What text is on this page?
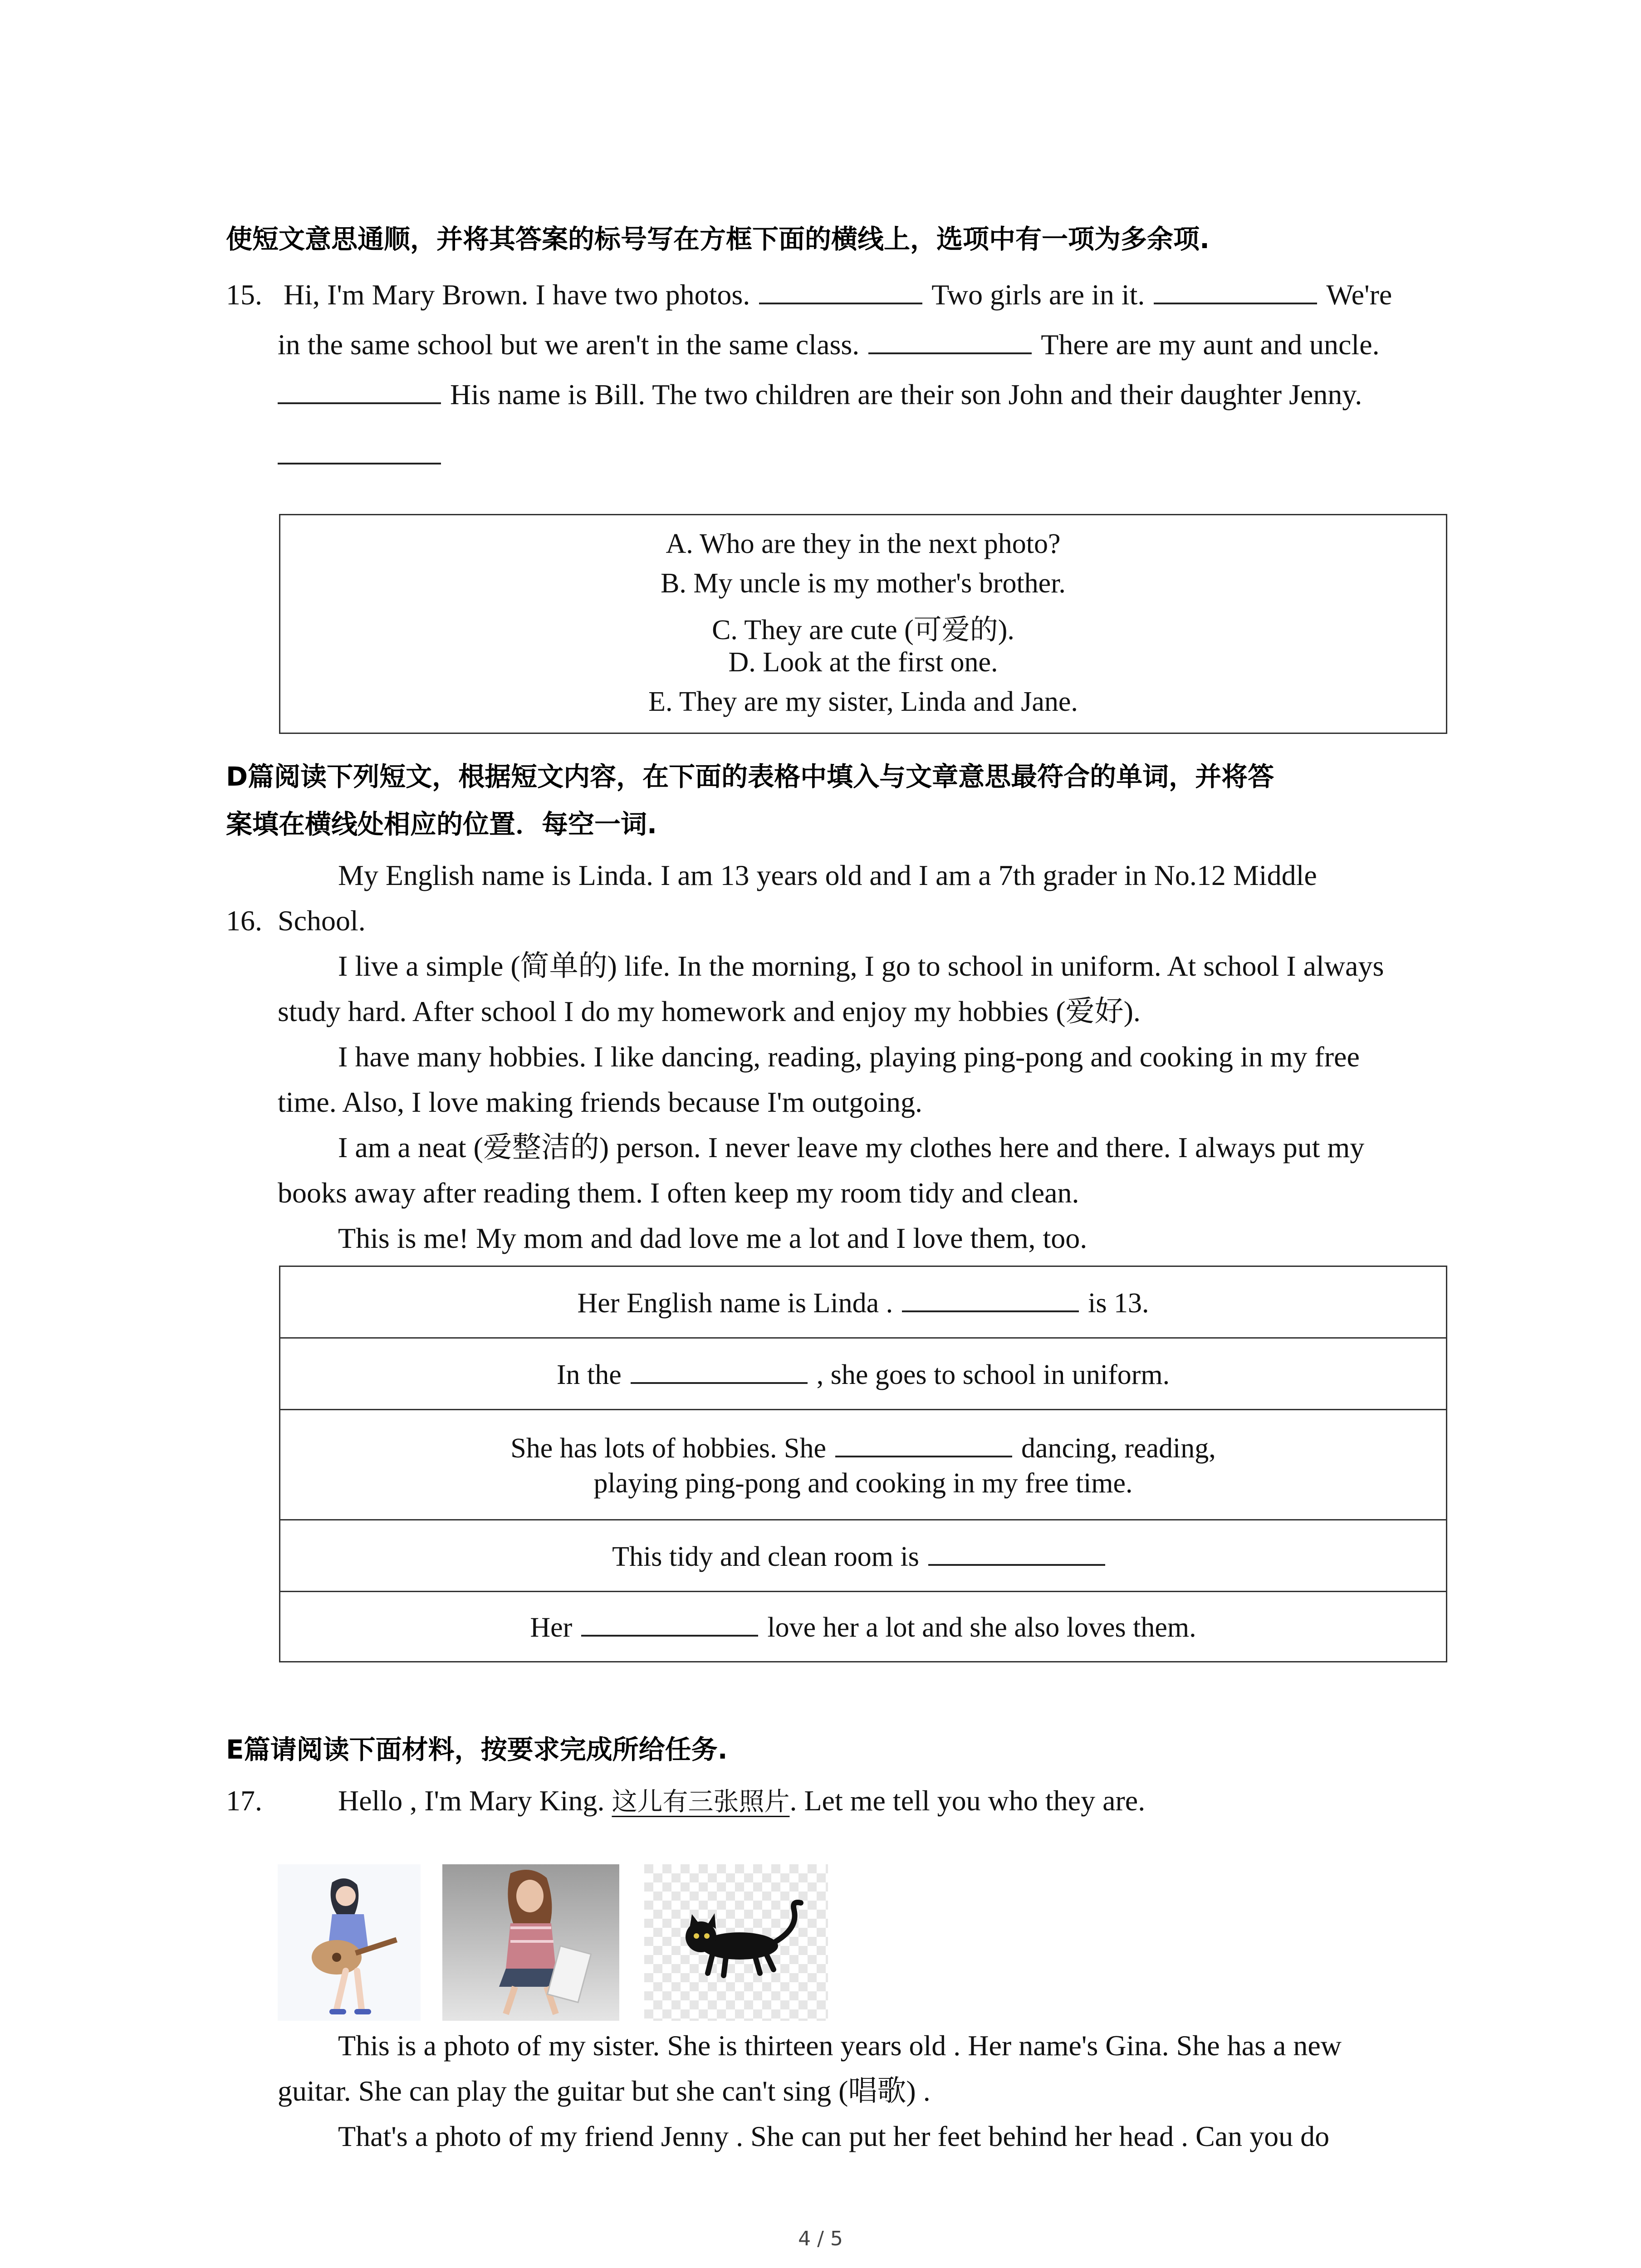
使短文意思通顺，并将其答案的标号写在方框下面的横线上，选项中有一项为多余项.
15. Hi, I'm Mary Brown. I have two photos.	Two girls are in it.	We're
in the same school but we aren't in the same class.	There are my aunt and uncle.
His name is Bill. The two children are their son John and their daughter Jenny.
A. Who are they in the next photo?
B. My uncle is my mother's brother.
C. They are cute (可爱的).
D. Look at the first one.
E. They are my sister, Linda and Jane.
D篇阅读下列短文，根据短文内容，在下面的表格中填入与文章意思最符合的单词，并将答
案填在横线处相应的位置．每空一词.
My English name is Linda. I am 13 years old and I am a 7th grader in No.12 Middle
16. School.
I live a simple (简单的) life. In the morning, I go to school in uniform. At school I always
study hard. After school I do my homework and enjoy my hobbies (爱好).
I have many hobbies. I like dancing, reading, playing ping-pong and cooking in my free
time. Also, I love making friends because I'm outgoing.
I am a neat (爱整洁的) person. I never leave my clothes here and there. I always put my
books away after reading them. I often keep my room tidy and clean.
This is me! My mom and dad love me a lot and I love them, too.
Her English name is Linda .	is 13.
In the	, she goes to school in uniform.
She has lots of hobbies. She	dancing, reading,
playing ping-pong and cooking in my free time.
This tidy and clean room is
Her	love her a lot and she also loves them.
E篇请阅读下面材料，按要求完成所给任务.
17.	Hello , I'm Mary King. 这儿有三张照片. Let me tell you who they are.
This is a photo of my sister. She is thirteen years old . Her name's Gina. She has a new
guitar. She can play the guitar but she can't sing (唱歌) .
That's a photo of my friend Jenny . She can put her feet behind her head . Can you do
4 / 5
